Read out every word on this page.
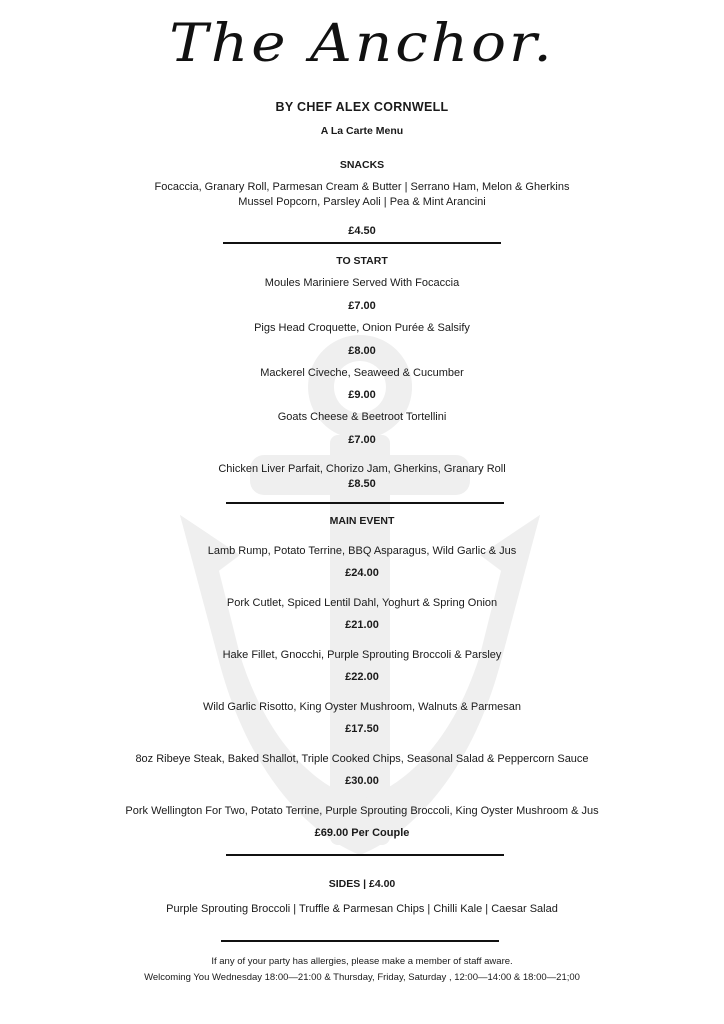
The Anchor.
BY CHEF ALEX CORNWELL
A La Carte Menu
SNACKS
Focaccia, Granary Roll, Parmesan Cream & Butter | Serrano Ham, Melon & Gherkins
Mussel Popcorn, Parsley Aoli | Pea & Mint Arancini
£4.50
TO START
Moules Mariniere Served With Focaccia
£7.00
Pigs Head Croquette, Onion Purée & Salsify
£8.00
Mackerel Civeche, Seaweed & Cucumber
£9.00
Goats Cheese & Beetroot Tortellini
£7.00
Chicken Liver Parfait, Chorizo Jam, Gherkins, Granary Roll
£8.50
MAIN EVENT
Lamb Rump, Potato Terrine, BBQ Asparagus, Wild Garlic & Jus
£24.00
Pork Cutlet, Spiced Lentil Dahl, Yoghurt & Spring Onion
£21.00
Hake Fillet, Gnocchi, Purple Sprouting Broccoli & Parsley
£22.00
Wild Garlic Risotto, King Oyster Mushroom, Walnuts & Parmesan
£17.50
8oz Ribeye Steak, Baked Shallot, Triple Cooked Chips, Seasonal Salad & Peppercorn Sauce
£30.00
Pork Wellington For Two, Potato Terrine, Purple Sprouting Broccoli, King Oyster Mushroom & Jus
£69.00 Per Couple
SIDES | £4.00
Purple Sprouting Broccoli | Truffle & Parmesan Chips | Chilli Kale | Caesar Salad
If any of your party has allergies, please make a member of staff aware.
Welcoming You Wednesday 18:00—21:00 & Thursday, Friday, Saturday , 12:00—14:00 & 18:00—21;00
